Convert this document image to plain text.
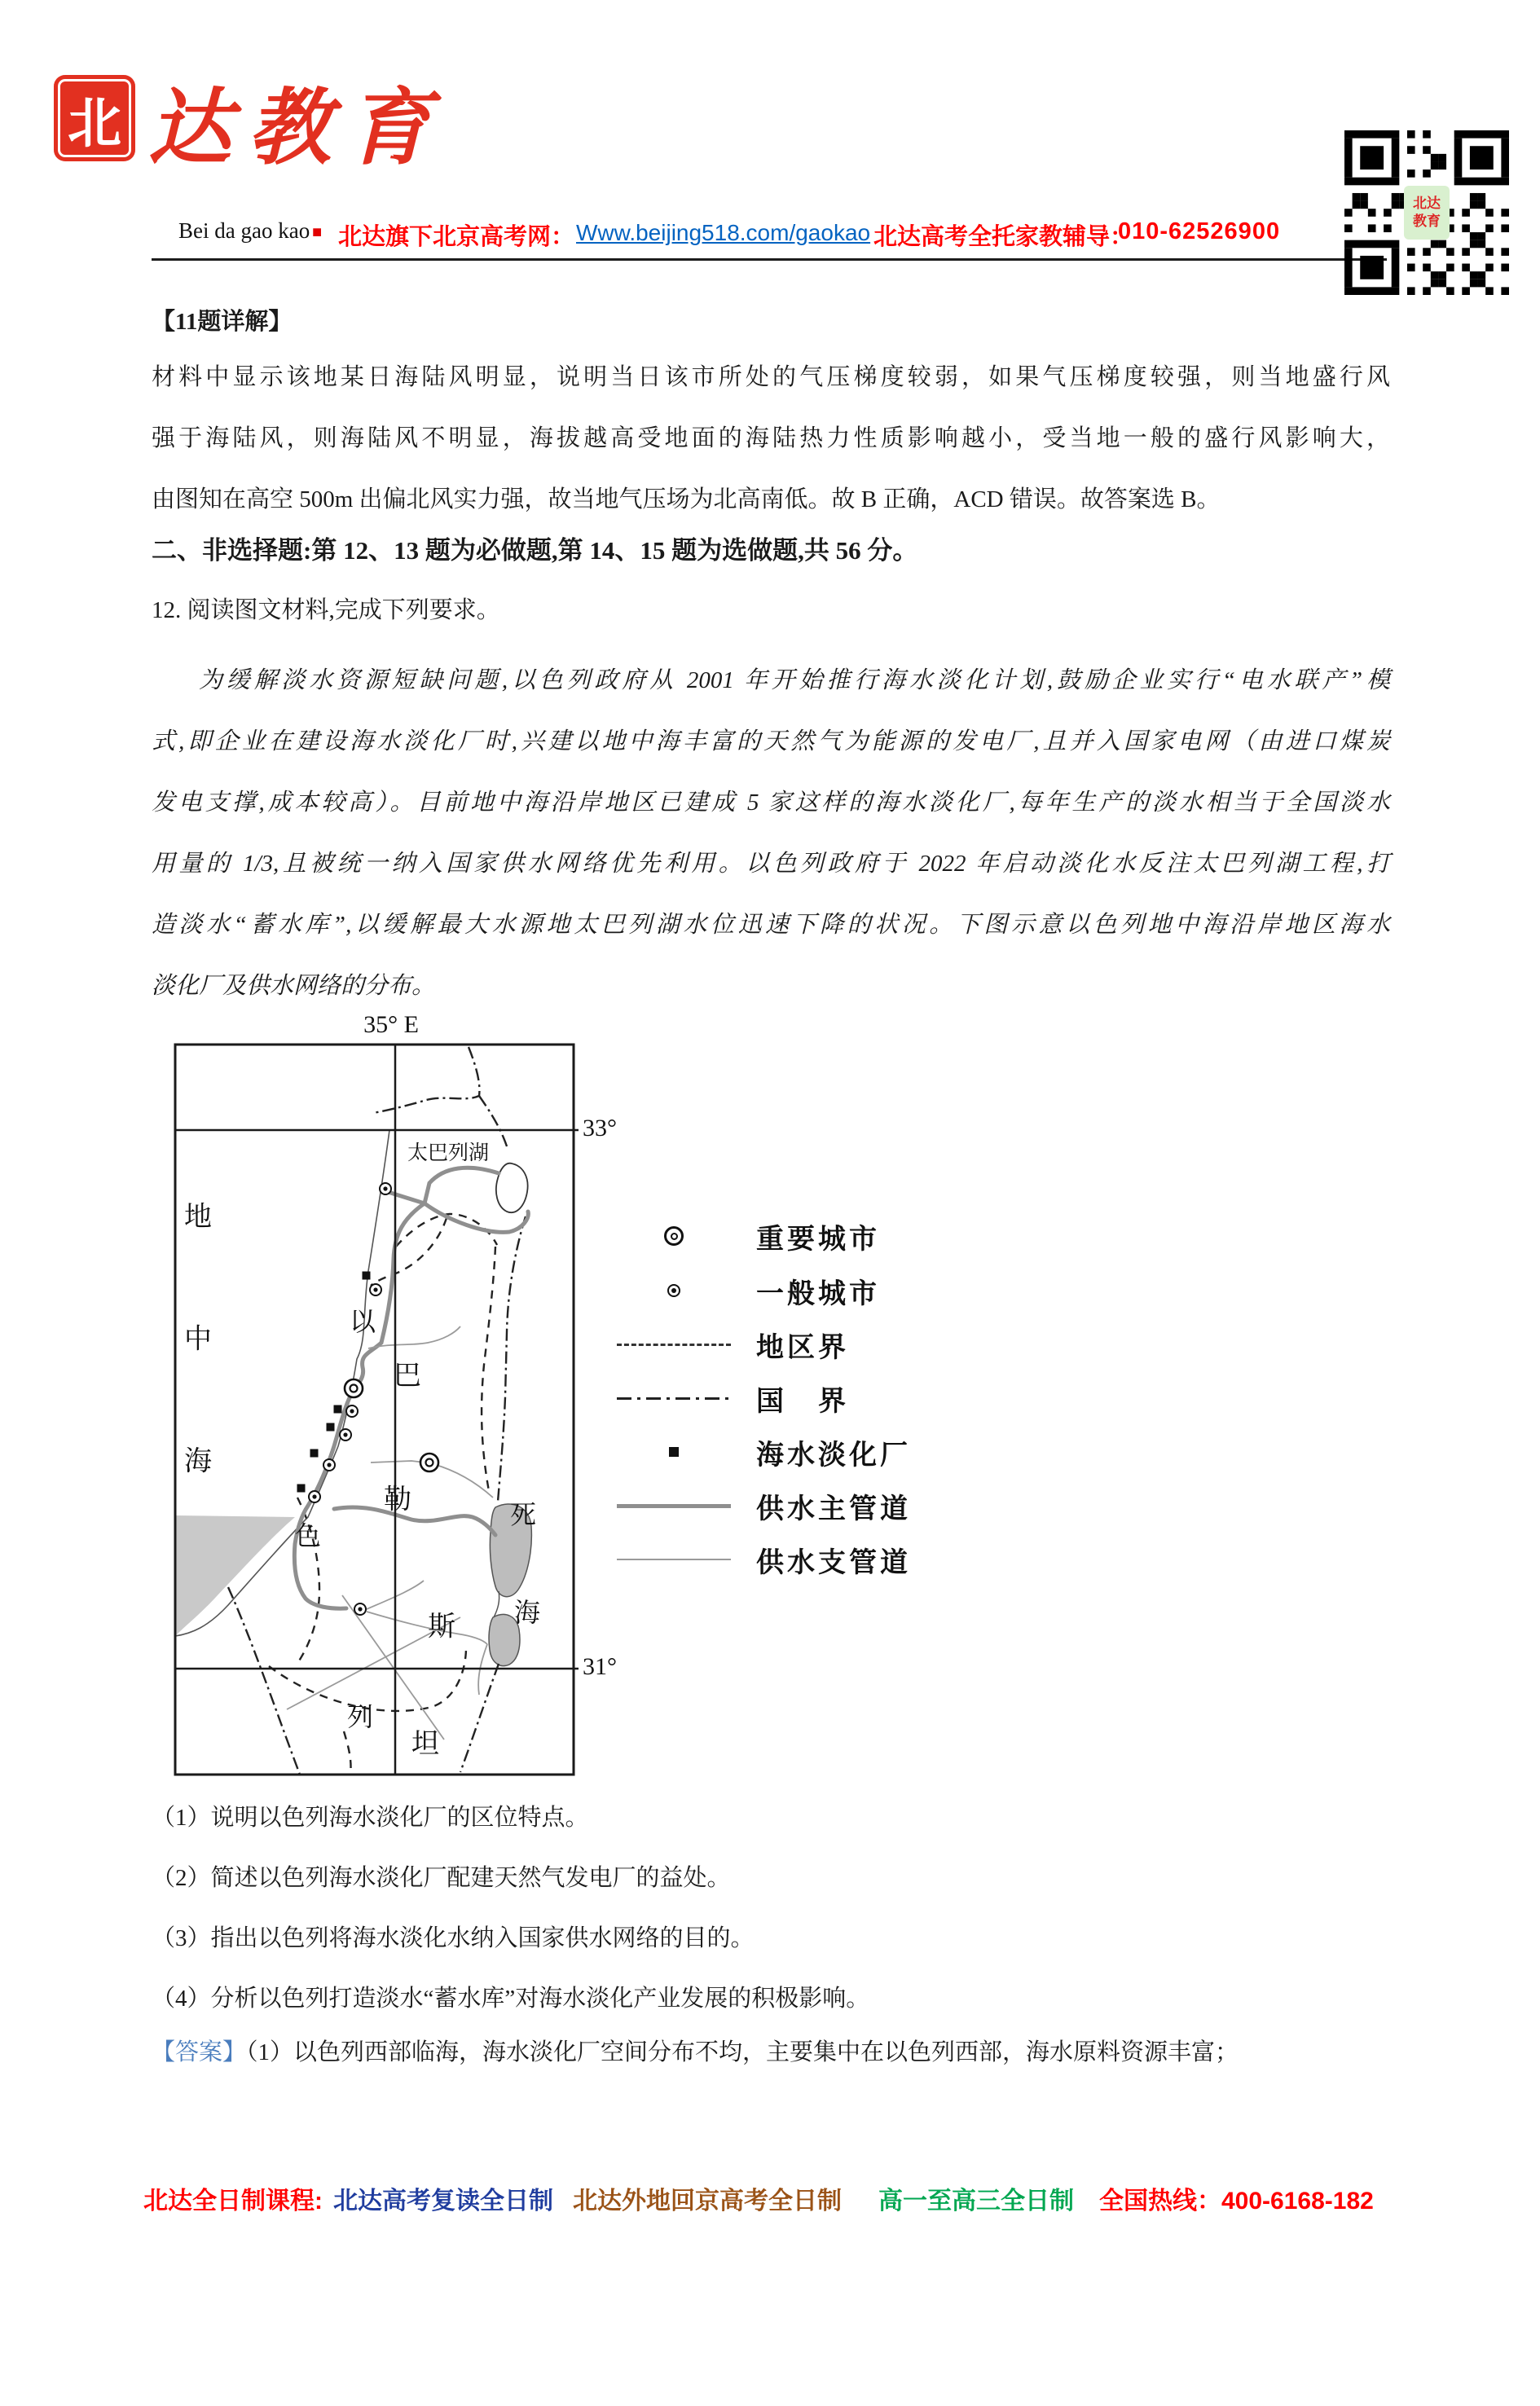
北 达教育
Bei da gao kao ■ 北达旗下北京高考网： Www.beijing518.com/gaokao 北达高考全托家教辅导：
010-62526900
北达
教育
【11题详解】
材料中显示该地某日海陆风明显，说明当日该市所处的气压梯度较弱，如果气压梯度较强，则当地盛行风
强于海陆风，则海陆风不明显，海拔越高受地面的海陆热力性质影响越小，受当地一般的盛行风影响大，
由图知在高空 500m 出偏北风实力强，故当地气压场为北高南低。故 B 正确，ACD 错误。故答案选 B。
二、非选择题:第 12、13 题为必做题,第 14、15 题为选做题,共 56 分。
12. 阅读图文材料,完成下列要求。
为缓解淡水资源短缺问题,以色列政府从 2001 年开始推行海水淡化计划,鼓励企业实行“电水联产”模
式,即企业在建设海水淡化厂时,兴建以地中海丰富的天然气为能源的发电厂,且并入国家电网（由进口煤炭
发电支撑,成本较高）。目前地中海沿岸地区已建成 5 家这样的海水淡化厂,每年生产的淡水相当于全国淡水
用量的 1/3,且被统一纳入国家供水网络优先利用。以色列政府于 2022 年启动淡化水反注太巴列湖工程,打
造淡水“蓄水库”,以缓解最大水源地太巴列湖水位迅速下降的状况。下图示意以色列地中海沿岸地区海水
淡化厂及供水网络的分布。
35° E
33°
31°
地
中
海
以
色
列
巴
勒
斯
坦
死
海
太巴列湖
重要城市
一般城市
地区界
国　界
海水淡化厂
供水主管道
供水支管道
（1）说明以色列海水淡化厂的区位特点。
（2）简述以色列海水淡化厂配建天然气发电厂的益处。
（3）指出以色列将海水淡化水纳入国家供水网络的目的。
（4）分析以色列打造淡水“蓄水库”对海水淡化产业发展的积极影响。
【答案】（1）以色列西部临海，海水淡化厂空间分布不均，主要集中在以色列西部，海水原料资源丰富；
北达全日制课程: 北达高考复读全日制 北达外地回京高考全日制 高一至高三全日制 全国热线：400-6168-182
